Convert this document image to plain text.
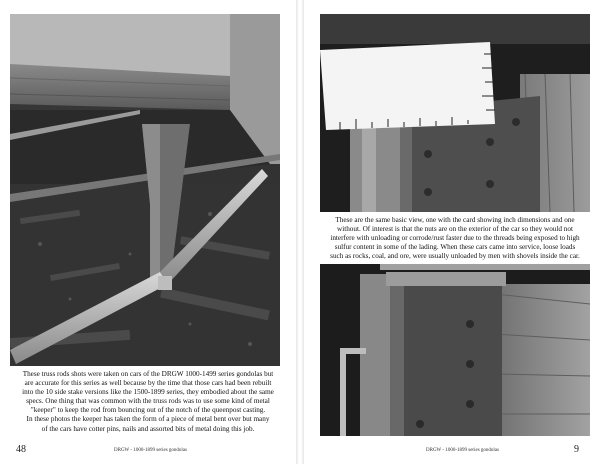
These truss rods shots were taken on cars of the DRGW 1000-1499 series gondolas but

are accurate for this series as well because by the time that those cars had been rebuilt

into the 10 side stake versions like the 1500-1899 series, they embodied about the same

specs. One thing that was common with the truss rods was to use some kind of metal

"keeper" to keep the rod from bouncing out of the notch of the queenpost casting.

In these photos the keeper has taken the form of a piece of metal bent over but many

of the cars have cotter pins, nails and assorted bits of metal doing this job.

48	DRGW - 1000-1899 series gondolas

These are the same basic view, one with the card showing inch dimensions and one

without. Of interest is that the nuts are on the exterior of the car so they would not

interfere with unloading or corrode/rust faster due to the threads being exposed to high

sulfur content in some of the lading. When these cars came into service, loose loads

such as rocks, coal, and ore, were usually unloaded by men with shovels inside the car.

DRGW - 1000-1899 series gondolas	9
